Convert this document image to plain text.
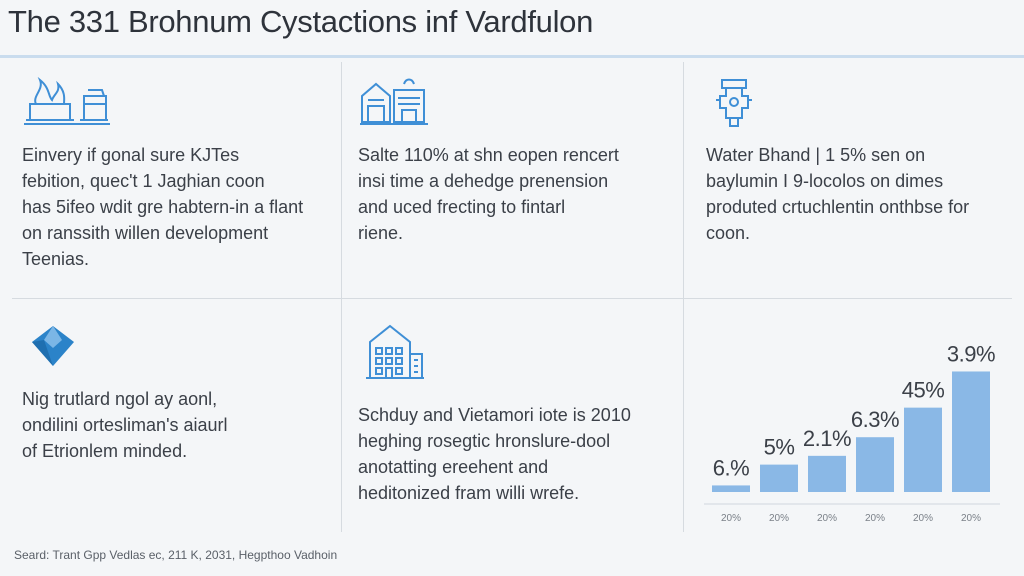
The 331 Brohnum Cystactions inf Vardfulon
Einvery if gonal sure KJTes
febition, quec't 1 Jaghian coon
has 5ifeo wdit gre habtern-in a flant
on ranssith willen development
Teenias.
Salte 110% at shn eopen rencert
insi time a dehedge prenension
and uced frecting to fintarl
riene.
Water Bhand | 1 5% sen on
baylumin I 9-locolos on dimes
produted crtuchlentin onthbse for
coon.
Nig trutlard ngol ay aonl,
ondilini ortesliman's aiaurl
of Etrionlem minded.
Schduy and Vietamori iote is 2010
heghing rosegtic hronslure-dool
anotatting ereehent and
heditonized fram willi wrefe.
6.%
20%
5%
20%
2.1%
20%
6.3%
20%
45%
20%
3.9%
20%
Seard: Trant Gpp Vedlas ec, 211 K, 2031, Hegpthoo Vadhoin
